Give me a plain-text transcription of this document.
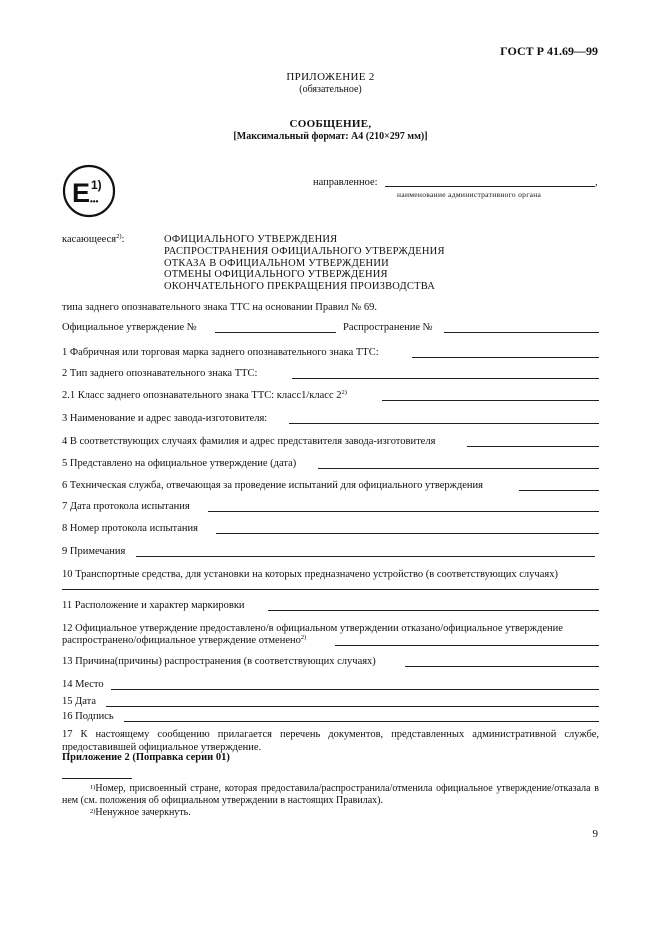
ГОСТ Р 41.69—99
ПРИЛОЖЕНИЕ 2
(обязательное)
СООБЩЕНИЕ,
[Максимальный формат: А4 (210×297 мм)]
E 1)
•••
направленное:	,
наименование административного органа
касающееся$^{2)}$:	ОФИЦИАЛЬНОГО УТВЕРЖДЕНИЯ
РАСПРОСТРАНЕНИЯ ОФИЦИАЛЬНОГО УТВЕРЖДЕНИЯ
ОТКАЗА В ОФИЦИАЛЬНОМ УТВЕРЖДЕНИИ
ОТМЕНЫ ОФИЦИАЛЬНОГО УТВЕРЖДЕНИЯ
ОКОНЧАТЕЛЬНОГО ПРЕКРАЩЕНИЯ ПРОИЗВОДСТВА
типа заднего опознавательного знака ТТС на основании Правил № 69.
Официальное утверждение №	Распространение №
1 Фабричная или торговая марка заднего опознавательного знака ТТС:
2 Тип заднего опознавательного знака ТТС:
2.1 Класс заднего опознавательного знака ТТС: класс1/класс 2$^{2)}$
3 Наименование и адрес завода-изготовителя:
4 В соответствующих случаях фамилия и адрес представителя завода-изготовителя
5 Представлено на официальное утверждение (дата)
6 Техническая служба, отвечающая за проведение испытаний для официального утверждения
7 Дата протокола испытания
8 Номер протокола испытания
9 Примечания
10 Транспортные средства, для установки на которых предназначено устройство (в соответствующих случаях)
11 Расположение и характер маркировки
12 Официальное утверждение предоставлено/в официальном утверждении отказано/официальное утверждение
распространено/официальное утверждение отменено$^{2)}$
13 Причина(причины) распространения (в соответствующих случаях)
14 Место
15 Дата
16 Подпись
17 К настоящему сообщению прилагается перечень документов, представленных административной службе, предоставившей официальное утверждение.
Приложение 2 (Поправка серии 01)
$^{1)}$Номер, присвоенный стране, которая предоставила/распространила/отменила официальное утверждение/отказала в нем (см. положения об официальном утверждении в настоящих Правилах).
$^{2)}$Ненужное зачеркнуть.
9
